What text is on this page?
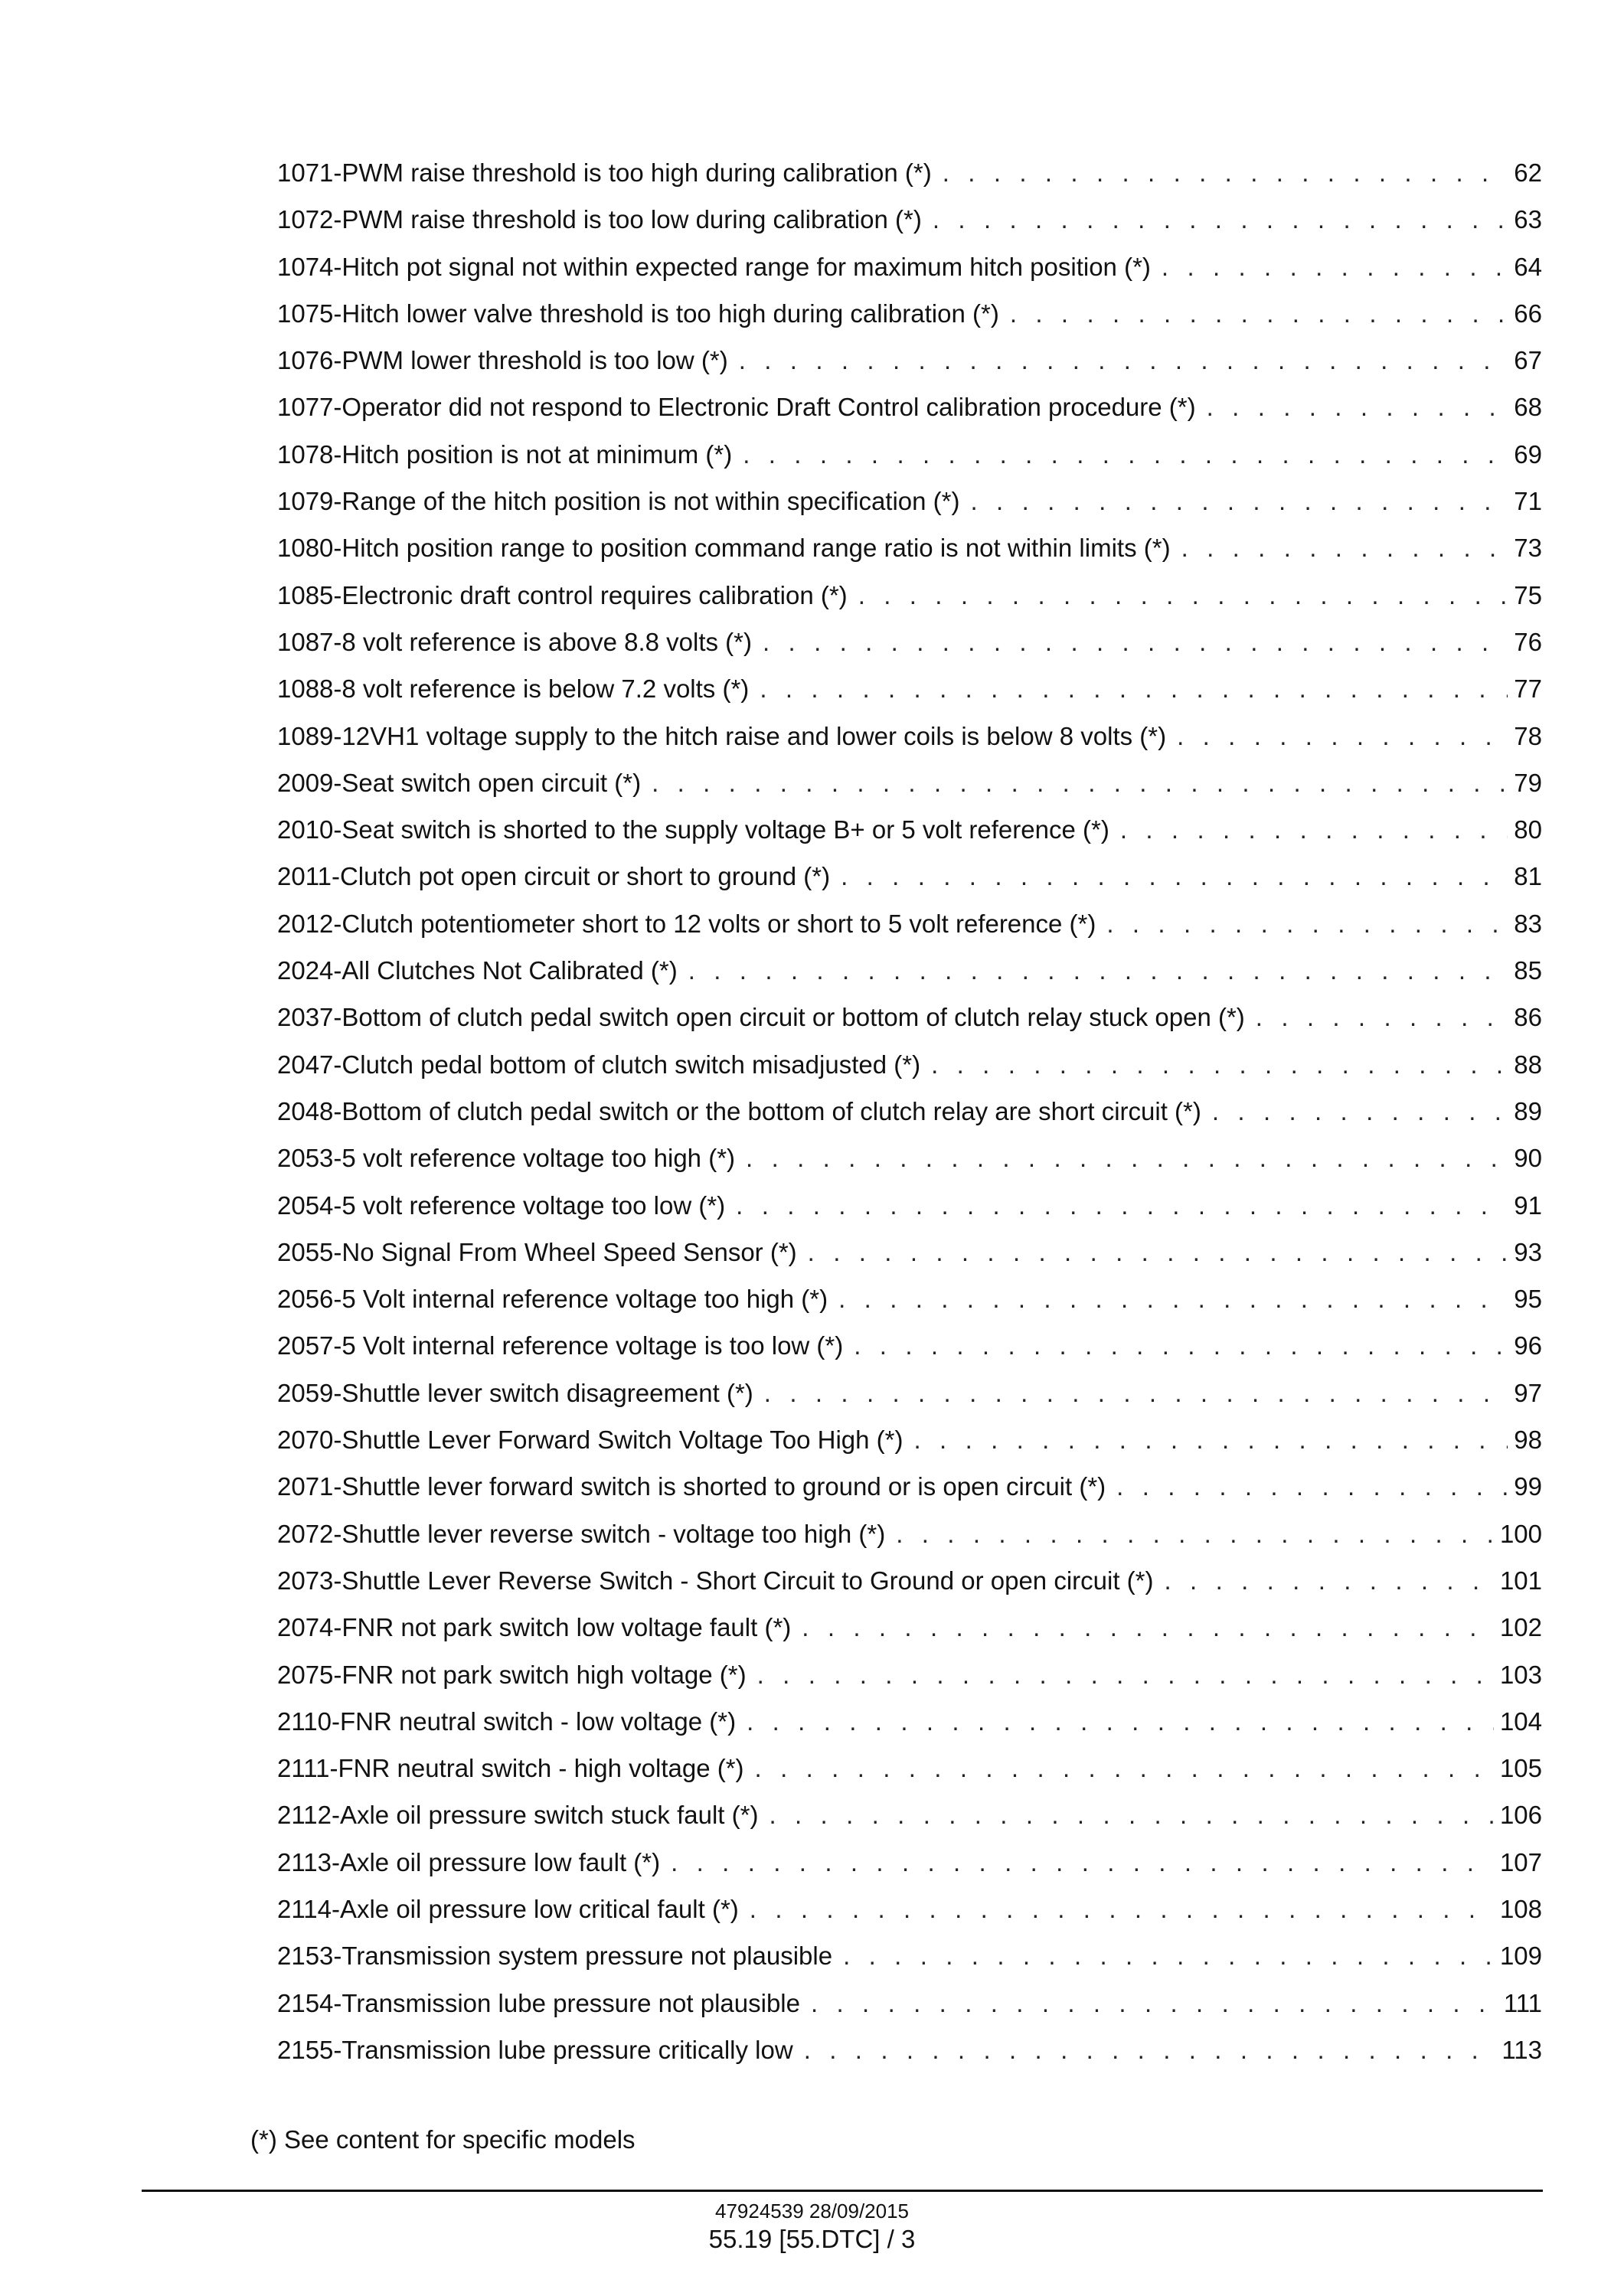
1071-PWM raise threshold is too high during calibration (*) . . .	62
1072-PWM raise threshold is too low during calibration (*) . . .	63
1074-Hitch pot signal not within expected range for maximum hitch position (*) . . .	64
1075-Hitch lower valve threshold is too high during calibration (*) . . .	66
1076-PWM lower threshold is too low (*) . . .	67
1077-Operator did not respond to Electronic Draft Control calibration procedure (*) . . .	68
1078-Hitch position is not at minimum (*) . . .	69
1079-Range of the hitch position is not within specification (*) . . .	71
1080-Hitch position range to position command range ratio is not within limits (*) . . .	73
1085-Electronic draft control requires calibration (*) . . .	75
1087-8 volt reference is above 8.8 volts (*) . . .	76
1088-8 volt reference is below 7.2 volts (*) . . .	77
1089-12VH1 voltage supply to the hitch raise and lower coils is below 8 volts (*) . . .	78
2009-Seat switch open circuit (*) . . .	79
2010-Seat switch is shorted to the supply voltage B+ or 5 volt reference (*) . . .	80
2011-Clutch pot open circuit or short to ground (*) . . .	81
2012-Clutch potentiometer short to 12 volts or short to 5 volt reference (*) . . .	83
2024-All Clutches Not Calibrated (*) . . .	85
2037-Bottom of clutch pedal switch open circuit or bottom of clutch relay stuck open (*) . . .	86
2047-Clutch pedal bottom of clutch switch misadjusted (*) . . .	88
2048-Bottom of clutch pedal switch or the bottom of clutch relay are short circuit (*) . . .	89
2053-5 volt reference voltage too high (*) . . .	90
2054-5 volt reference voltage too low (*) . . .	91
2055-No Signal From Wheel Speed Sensor (*) . . .	93
2056-5 Volt internal reference voltage too high (*) . . .	95
2057-5 Volt internal reference voltage is too low (*) . . .	96
2059-Shuttle lever switch disagreement (*) . . .	97
2070-Shuttle Lever Forward Switch Voltage Too High (*) . . .	98
2071-Shuttle lever forward switch is shorted to ground or is open circuit (*) . . .	99
2072-Shuttle lever reverse switch - voltage too high (*) . . .	100
2073-Shuttle Lever Reverse Switch - Short Circuit to Ground or open circuit (*) . . .	101
2074-FNR not park switch low voltage fault (*) . . .	102
2075-FNR not park switch high voltage (*) . . .	103
2110-FNR neutral switch - low voltage (*) . . .	104
2111-FNR neutral switch - high voltage (*) . . .	105
2112-Axle oil pressure switch stuck fault (*) . . .	106
2113-Axle oil pressure low fault (*) . . .	107
2114-Axle oil pressure low critical fault (*) . . .	108
2153-Transmission system pressure not plausible . . .	109
2154-Transmission lube pressure not plausible . . .	111
2155-Transmission lube pressure critically low . . .	113
(*) See content for specific models
47924539 28/09/2015
55.19 [55.DTC] / 3
